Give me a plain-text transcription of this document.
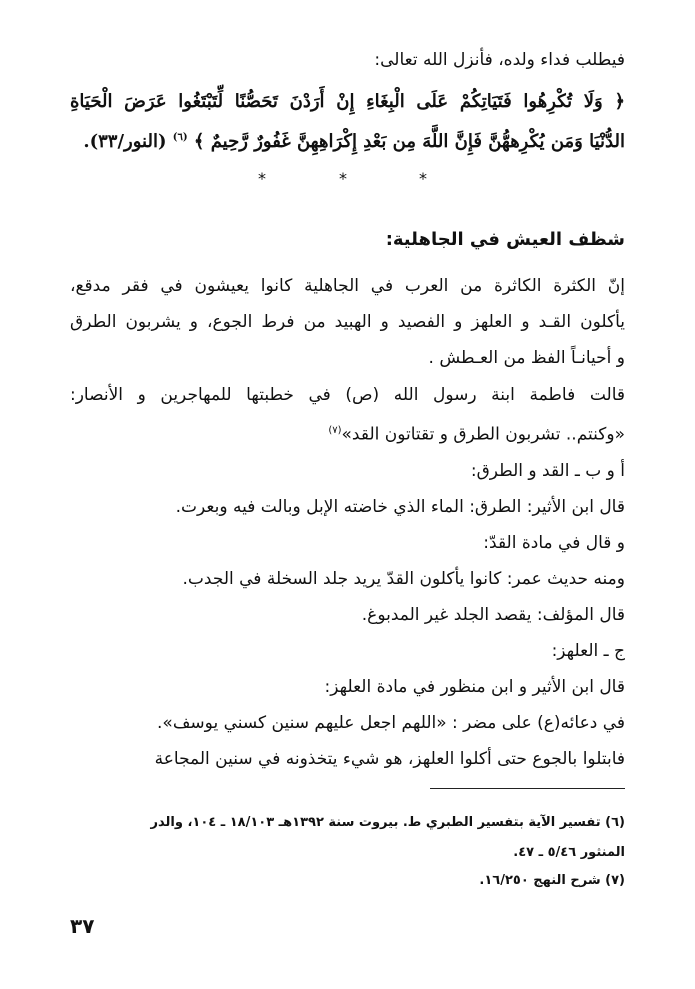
فيطلب فداء ولده، فأنزل الله تعالى:
﴿ وَلَا تُكْرِهُوا فَتَيَاتِكُمْ عَلَى الْبِغَاءِ إِنْ أَرَدْنَ تَحَصُّنًا لِّتَبْتَغُوا عَرَضَ الْحَيَاةِ
الدُّنْيَا وَمَن يُكْرِههُّنَّ فَإِنَّ اللَّهَ مِن بَعْدِ إِكْرَاهِهِنَّ غَفُورٌ رَّحِيمٌ ﴾ $^{(٦)}$ (النور/٣٣).
*	*	*
شظف العيش في الجاهلية:
إنّ الكثرة الكاثرة من العرب في الجاهلية كانوا يعيشون في فقر مدقع،
يأكلون القـد و العلهز و الفصيد و الهبيد من فرط الجوع، و يشربون الطرق
و أحيانـاً الفظ من العـطش .
قالت فاطمة ابنة رسول الله (ص) في خطبتها للمهاجرين و الأنصار:
«وكنتم.. تشربون الطرق و تقتاتون القد»$^{(٧)}$
أ و ب ـ القد و الطرق:
قال ابن الأثير: الطرق: الماء الذي خاضته الإبل وبالت فيه وبعرت.
و قال في مادة القدّ:
ومنه حديث عمر: كانوا يأكلون القدّ يريد جلد السخلة في الجدب.
قال المؤلف: يقصد الجلد غير المدبوغ.
ج ـ العلهز:
قال ابن الأثير و ابن منظور في مادة العلهز:
في دعائه(ع) على مضر : «اللهم اجعل عليهم سنين كسني يوسف».
فابتلوا بالجوع حتى أكلوا العلهز، هو شيء يتخذونه في سنين المجاعة
(٦) تفسير الآية بتفسير الطبري ط. بيروت سنة ١٣٩٢هـ ١٨/١٠٣ ـ ١٠٤، والدر
المنثور ٥/٤٦ ـ ٤٧.
(٧) شرح النهج ١٦/٢٥٠.
٣٧
